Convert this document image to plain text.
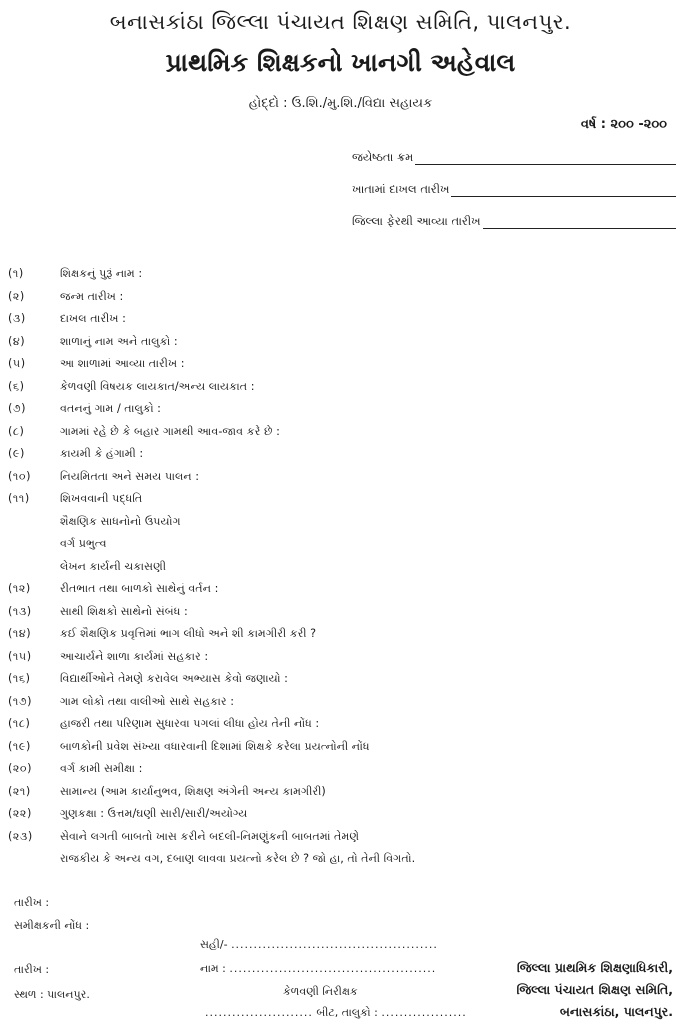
બનાસકાંઠા જિલ્લા પંચાયત શિક્ષણ સમિતિ, પાલનપુર.
પ્રાથમિક શિક્ષકનો ખાનગી અહેવાલ
હોદ્દો : ઉ.શિ./મુ.શિ./વિદ્યા સહાયક
વર્ષ : ૨૦૦ -૨૦૦
જયેષ્ઠતા ક્રમ
ખાતામાં દાખલ તારીખ
જિલ્લા ફેરથી આવ્યા તારીખ
(૧)	શિક્ષકનું પુરૂં નામ :
(૨)	જન્મ તારીખ :
(૩)	દાખલ તારીખ :
(૪)	શાળાનું નામ અને તાલુકો :
(૫)	આ શાળામાં આવ્યા તારીખ :
(૬)	કેળવણી વિષયક લાયકાત/અન્ય લાયકાત :
(૭)	વતનનું ગામ / તાલુકો :
(૮)	ગામમાં રહે છે કે બહાર ગામથી આવ-જાવ કરે છે :
(૯)	કાયમી કે હંગામી :
(૧૦)	નિયમિતતા અને સમય પાલન :
(૧૧)	શિખવવાની પદ્ધતિ
શૈક્ષણિક સાધનોનો ઉપયોગ
વર્ગ પ્રભુત્વ
લેખન કાર્યની ચકાસણી
(૧૨)	રીતભાત તથા બાળકો સાથેનું વર્તન :
(૧૩)	સાથી શિક્ષકો સાથેનો સંબંધ :
(૧૪)	કઈ શૈક્ષણિક પ્રવૃત્તિમાં ભાગ લીધો અને શી કામગીરી કરી ?
(૧૫)	આચાર્યને શાળા કાર્યમાં સહકાર :
(૧૬)	વિદ્યાર્થીઓને તેમણે કરાવેલ અભ્યાસ કેવો જણાયો :
(૧૭)	ગામ લોકો તથા વાલીઓ સાથે સહકાર :
(૧૮)	હાજરી તથા પરિણામ સુધારવા પગલાં લીધા હોય તેની નોંધ :
(૧૯)	બાળકોની પ્રવેશ સંખ્યા વધારવાની દિશામાં શિક્ષકે કરેલા પ્રયત્નોની નોંધ
(૨૦)	વર્ગ કામી સમીક્ષા :
(૨૧)	સામાન્ય (આમ કાર્યાનુભવ, શિક્ષણ અંગેની અન્ય કામગીરી)
(૨૨)	ગુણકક્ષા : ઉત્તમ/ઘણી સારી/સારી/અયોગ્ય
(૨૩)	સેવાને લગતી બાબતો ખાસ કરીને બદલી-નિમણુંકની બાબતમાં તેમણે
રાજકીય કે અન્ય વગ, દબાણ લાવવા પ્રયત્નો કરેલ છે ? જો હા, તો તેની વિગતો.
તારીખ :
સમીક્ષકની નોંધ :
તારીખ :
સ્થળ : પાલનપુર.
સહી/- ..............................................
નામ : ..............................................
કેળવણી નિરીક્ષક
........................ બીટ, તાલુકો : ...................
જિલ્લા પ્રાથમિક શિક્ષણાધિકારી,
જિલ્લા પંચાયત શિક્ષણ સમિતિ,
બનાસકાંઠા, પાલનપુર.
